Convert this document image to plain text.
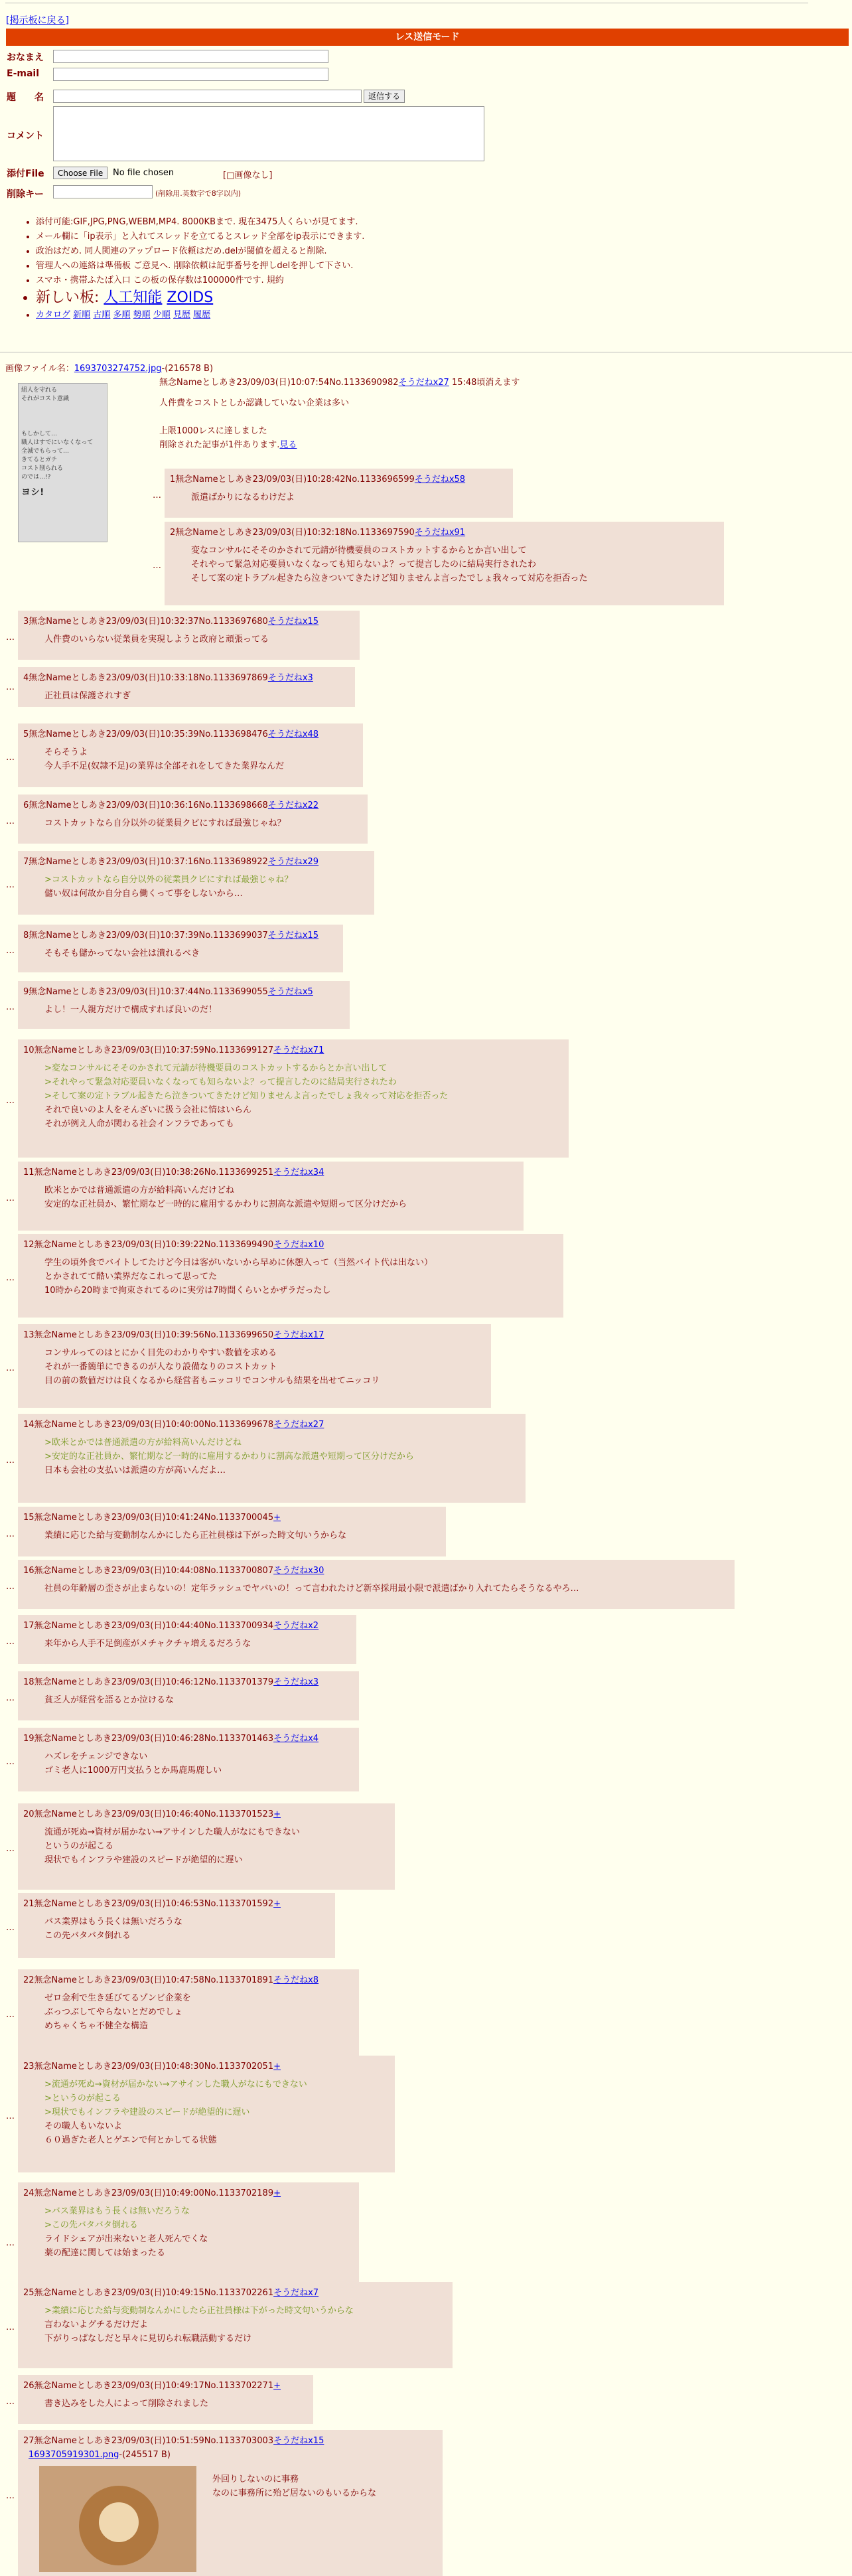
[掲示板に戻る]
レス送信モード
おなまえ
E-mail
題　　名	返信する
コメント
添付File	Choose File	No file chosen	[□画像なし]
削除キー	(削除用.英数字で8字以内)
• 添付可能:GIF,JPG,PNG,WEBM,MP4. 8000KBまで. 現在3475人くらいが見てます.
• メール欄に「ip表示」と入れてスレッドを立てるとスレッド全部をip表示にできます.
• 政治はだめ. 同人関連のアップロード依頼はだめ.delが閾値を超えると削除.
• 管理人への連絡は準備板 ご意見へ. 削除依頼は記事番号を押しdelを押して下さい.
• スマホ・携帯ふたば入口 この板の保存数は100000件です. 規約
• 新しい板: 人工知能 ZOIDS
• カタログ 新順 古順 多順 勢順 少順 見歴 履歴
画像ファイル名：1693703274752.jpg-(216578 B)
組人を守れる
それがコスト意識
もしかして…
職人はすでにいなくなって
全滅でもらって…
きてるとガチ
コスト削られる
のでは…!?
ヨシ!
無念Nameとしあき23/09/03(日)10:07:54No.1133690982そうだねx27 15:48頃消えます
人件費をコストとしか認識していない企業は多い
上限1000レスに達しました
削除された記事が1件あります.見る
1無念Nameとしあき23/09/03(日)10:28:42No.1133696599そうだねx58
派遣ばかりになるわけだよ
…
2無念Nameとしあき23/09/03(日)10:32:18No.1133697590そうだねx91
変なコンサルにそそのかされて元請が待機要員のコストカットするからとか言い出して
それやって緊急対応要員いなくなっても知らないよ？って提言したのに結局実行されたわ
そして案の定トラブル起きたら泣きついてきたけど知りませんよ言ったでしょ我々って対応を拒否った
…
3無念Nameとしあき23/09/03(日)10:32:37No.1133697680そうだねx15
人件費のいらない従業員を実現しようと政府と頑張ってる
…
4無念Nameとしあき23/09/03(日)10:33:18No.1133697869そうだねx3
正社員は保護されすぎ
…
5無念Nameとしあき23/09/03(日)10:35:39No.1133698476そうだねx48
そらそうよ
今人手不足(奴隷不足)の業界は全部それをしてきた業界なんだ
…
6無念Nameとしあき23/09/03(日)10:36:16No.1133698668そうだねx22
コストカットなら自分以外の従業員クビにすれば最強じゃね？
…
7無念Nameとしあき23/09/03(日)10:37:16No.1133698922そうだねx29
>コストカットなら自分以外の従業員クビにすれば最強じゃね？
儲い奴は何故か自分自ら働くって事をしないから…
…
8無念Nameとしあき23/09/03(日)10:37:39No.1133699037そうだねx15
そもそも儲かってない会社は潰れるべき
…
9無念Nameとしあき23/09/03(日)10:37:44No.1133699055そうだねx5
よし！一人親方だけで構成すれば良いのだ！
…
10無念Nameとしあき23/09/03(日)10:37:59No.1133699127そうだねx71
>変なコンサルにそそのかされて元請が待機要員のコストカットするからとか言い出して
>それやって緊急対応要員いなくなっても知らないよ？って提言したのに結局実行されたわ
>そして案の定トラブル起きたら泣きついてきたけど知りませんよ言ったでしょ我々って対応を拒否った
それで良いのよ人をそんざいに扱う会社に情はいらん
それが例え人命が関わる社会インフラであっても
…
11無念Nameとしあき23/09/03(日)10:38:26No.1133699251そうだねx34
欧米とかでは普通派遣の方が給料高いんだけどね
安定的な正社員か、繁忙期など一時的に雇用するかわりに割高な派遣や短期って区分けだから
…
12無念Nameとしあき23/09/03(日)10:39:22No.1133699490そうだねx10
学生の頃外食でバイトしてたけど今日は客がいないから早めに休憩入って（当然バイト代は出ない）
とかされてて酷い業界だなこれって思ってた
10時から20時まで拘束されてるのに実労は7時間くらいとかザラだったし
…
13無念Nameとしあき23/09/03(日)10:39:56No.1133699650そうだねx17
コンサルってのはとにかく目先のわかりやすい数値を求める
それが一番簡単にできるのが人なり設備なりのコストカット
目の前の数値だけは良くなるから経営者もニッコリでコンサルも結果を出せてニッコリ
…
14無念Nameとしあき23/09/03(日)10:40:00No.1133699678そうだねx27
>欧米とかでは普通派遣の方が給料高いんだけどね
>安定的な正社員か、繁忙期など一時的に雇用するかわりに割高な派遣や短期って区分けだから
日本も会社の支払いは派遣の方が高いんだよ…
…
15無念Nameとしあき23/09/03(日)10:41:24No.1133700045+
業績に応じた給与変動制なんかにしたら正社員様は下がった時文句いうからな
…
16無念Nameとしあき23/09/03(日)10:44:08No.1133700807そうだねx30
社員の年齢層の歪さが止まらないの！定年ラッシュでヤバいの！って言われたけど新卒採用最小限で派遣ばかり入れてたらそうなるやろ…
…
17無念Nameとしあき23/09/03(日)10:44:40No.1133700934そうだねx2
来年から人手不足倒産がメチャクチャ増えるだろうな
…
18無念Nameとしあき23/09/03(日)10:46:12No.1133701379そうだねx3
貧乏人が経営を語るとか泣けるな
…
19無念Nameとしあき23/09/03(日)10:46:28No.1133701463そうだねx4
ハズレをチェンジできない
ゴミ老人に1000万円支払うとか馬鹿馬鹿しい
…
20無念Nameとしあき23/09/03(日)10:46:40No.1133701523+
流通が死ぬ→資材が届かない→アサインした職人がなにもできない
というのが起こる
現状でもインフラや建設のスピードが絶望的に遅い
…
21無念Nameとしあき23/09/03(日)10:46:53No.1133701592+
バス業界はもう長くは無いだろうな
この先バタバタ倒れる
…
22無念Nameとしあき23/09/03(日)10:47:58No.1133701891そうだねx8
ゼロ金利で生き延びてるゾンビ企業を
ぶっつぶしてやらないとだめでしょ
めちゃくちゃ不健全な構造
…
23無念Nameとしあき23/09/03(日)10:48:30No.1133702051+
>流通が死ぬ→資材が届かない→アサインした職人がなにもできない
>というのが起こる
>現状でもインフラや建設のスピードが絶望的に遅い
その職人もいないよ
６０過ぎた老人とゲエンで何とかしてる状態
…
24無念Nameとしあき23/09/03(日)10:49:00No.1133702189+
>バス業界はもう長くは無いだろうな
>この先バタバタ倒れる
ライドシェアが出来ないと老人死んでくな
薬の配達に関しては始まったる
…
25無念Nameとしあき23/09/03(日)10:49:15No.1133702261そうだねx7
>業績に応じた給与変動制なんかにしたら正社員様は下がった時文句いうからな
言わないよグチるだけだよ
下がりっぱなしだと早々に見切られ転職活動するだけ
…
26無念Nameとしあき23/09/03(日)10:49:17No.1133702271+
書き込みをした人によって削除されました
…
27無念Nameとしあき23/09/03(日)10:51:59No.1133703003そうだねx15
1693705919301.png-(245517 B)
外回りしないのに事務
なのに事務所に殆ど居ないのもいるからな
…
